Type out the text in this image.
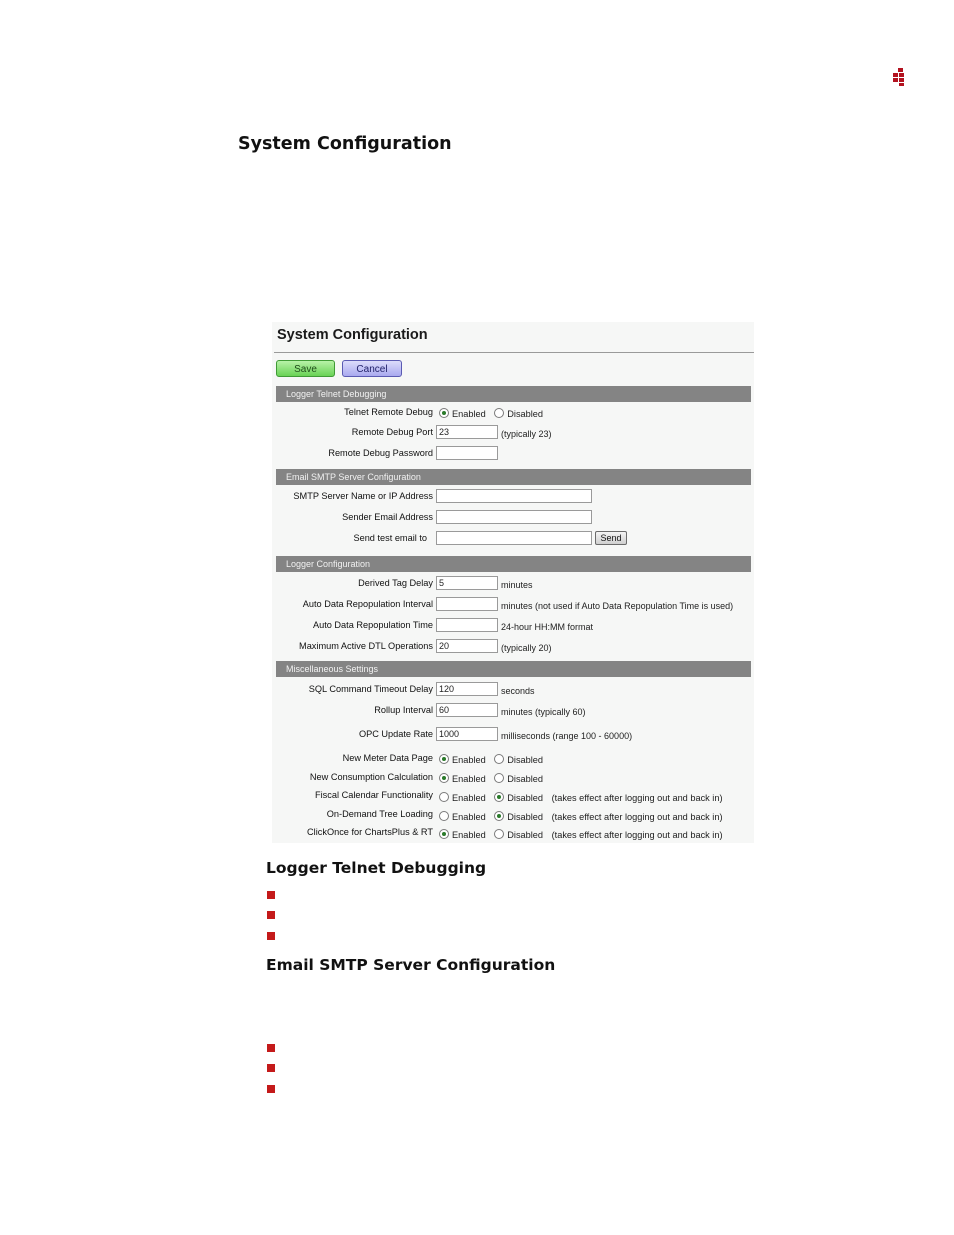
System Configuration
System Configuration
Save	Cancel
Logger Telnet Debugging
Telnet Remote Debug	Enabled Disabled
Remote Debug Port 23	(typically 23)
Remote Debug Password
Email SMTP Server Configuration
SMTP Server Name or IP Address
Sender Email Address
Send test email to	Send
Logger Configuration
Derived Tag Delay 5	minutes
Auto Data Repopulation Interval	minutes (not used if Auto Data Repopulation Time is used)
Auto Data Repopulation Time	24-hour HH:MM format
Maximum Active DTL Operations 20	(typically 20)
Miscellaneous Settings
SQL Command Timeout Delay 120	seconds
Rollup Interval 60	minutes (typically 60)
OPC Update Rate 1000	milliseconds (range 100 - 60000)
New Meter Data Page	Enabled Disabled
New Consumption Calculation	Enabled Disabled
Fiscal Calendar Functionality	Enabled Disabled (takes effect after logging out and back in)
On-Demand Tree Loading	Enabled Disabled (takes effect after logging out and back in)
ClickOnce for ChartsPlus & RT	Enabled Disabled (takes effect after logging out and back in)
Logger Telnet Debugging
Email SMTP Server Configuration
